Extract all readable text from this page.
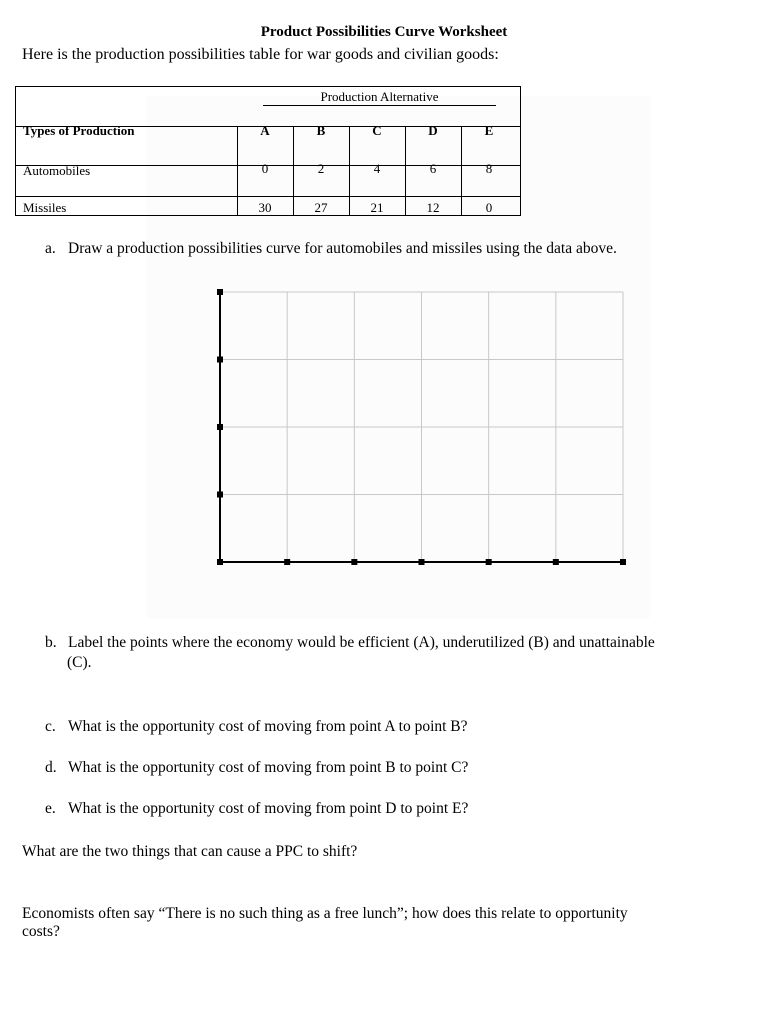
Product Possibilities Curve Worksheet
Here is the production possibilities table for war goods and civilian goods:
Production Alternative
Types of Production	A	B	C	D	E
Automobiles	0	2	4	6	8
Missiles	30	27	21	12	0
a. Draw a production possibilities curve for automobiles and missiles using the data above.
b. Label the points where the economy would be efficient (A), underutilized (B) and unattainable
(C).
c. What is the opportunity cost of moving from point A to point B?
d. What is the opportunity cost of moving from point B to point C?
e. What is the opportunity cost of moving from point D to point E?
What are the two things that can cause a PPC to shift?
Economists often say “There is no such thing as a free lunch”; how does this relate to opportunity
costs?
